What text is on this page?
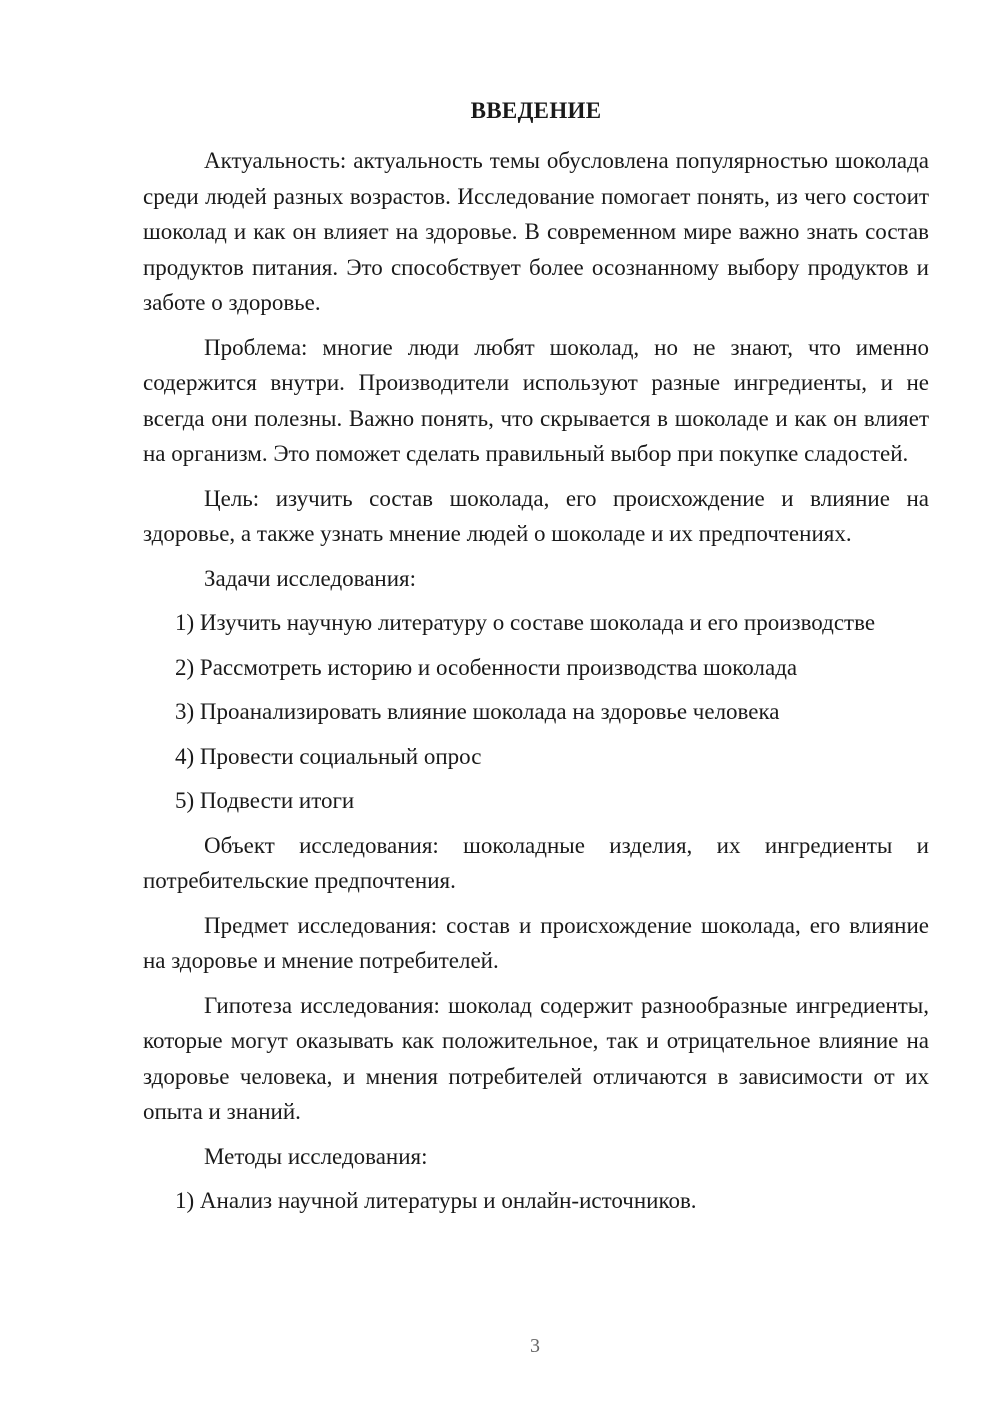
ВВЕДЕНИЕ

Актуальность: актуальность темы обусловлена популярностью шоколада среди людей разных возрастов. Исследование помогает понять, из чего состоит шоколад и как он влияет на здоровье. В современном мире важно знать состав продуктов питания. Это способствует более осознанному выбору продуктов и заботе о здоровье.

Проблема: многие люди любят шоколад, но не знают, что именно содержится внутри. Производители используют разные ингредиенты, и не всегда они полезны. Важно понять, что скрывается в шоколаде и как он влияет на организм. Это поможет сделать правильный выбор при покупке сладостей.

Цель: изучить состав шоколада, его происхождение и влияние на здоровье, а также узнать мнение людей о шоколаде и их предпочтениях.

Задачи исследования:

1) Изучить научную литературу о составе шоколада и его производстве

2) Рассмотреть историю и особенности производства шоколада

3) Проанализировать влияние шоколада на здоровье человека

4) Провести социальный опрос

5) Подвести итоги

Объект исследования: шоколадные изделия, их ингредиенты и потребительские предпочтения.

Предмет исследования: состав и происхождение шоколада, его влияние на здоровье и мнение потребителей.

Гипотеза исследования: шоколад содержит разнообразные ингредиенты, которые могут оказывать как положительное, так и отрицательное влияние на здоровье человека, и мнения потребителей отличаются в зависимости от их опыта и знаний.

Методы исследования:

1) Анализ научной литературы и онлайн-источников.

3
